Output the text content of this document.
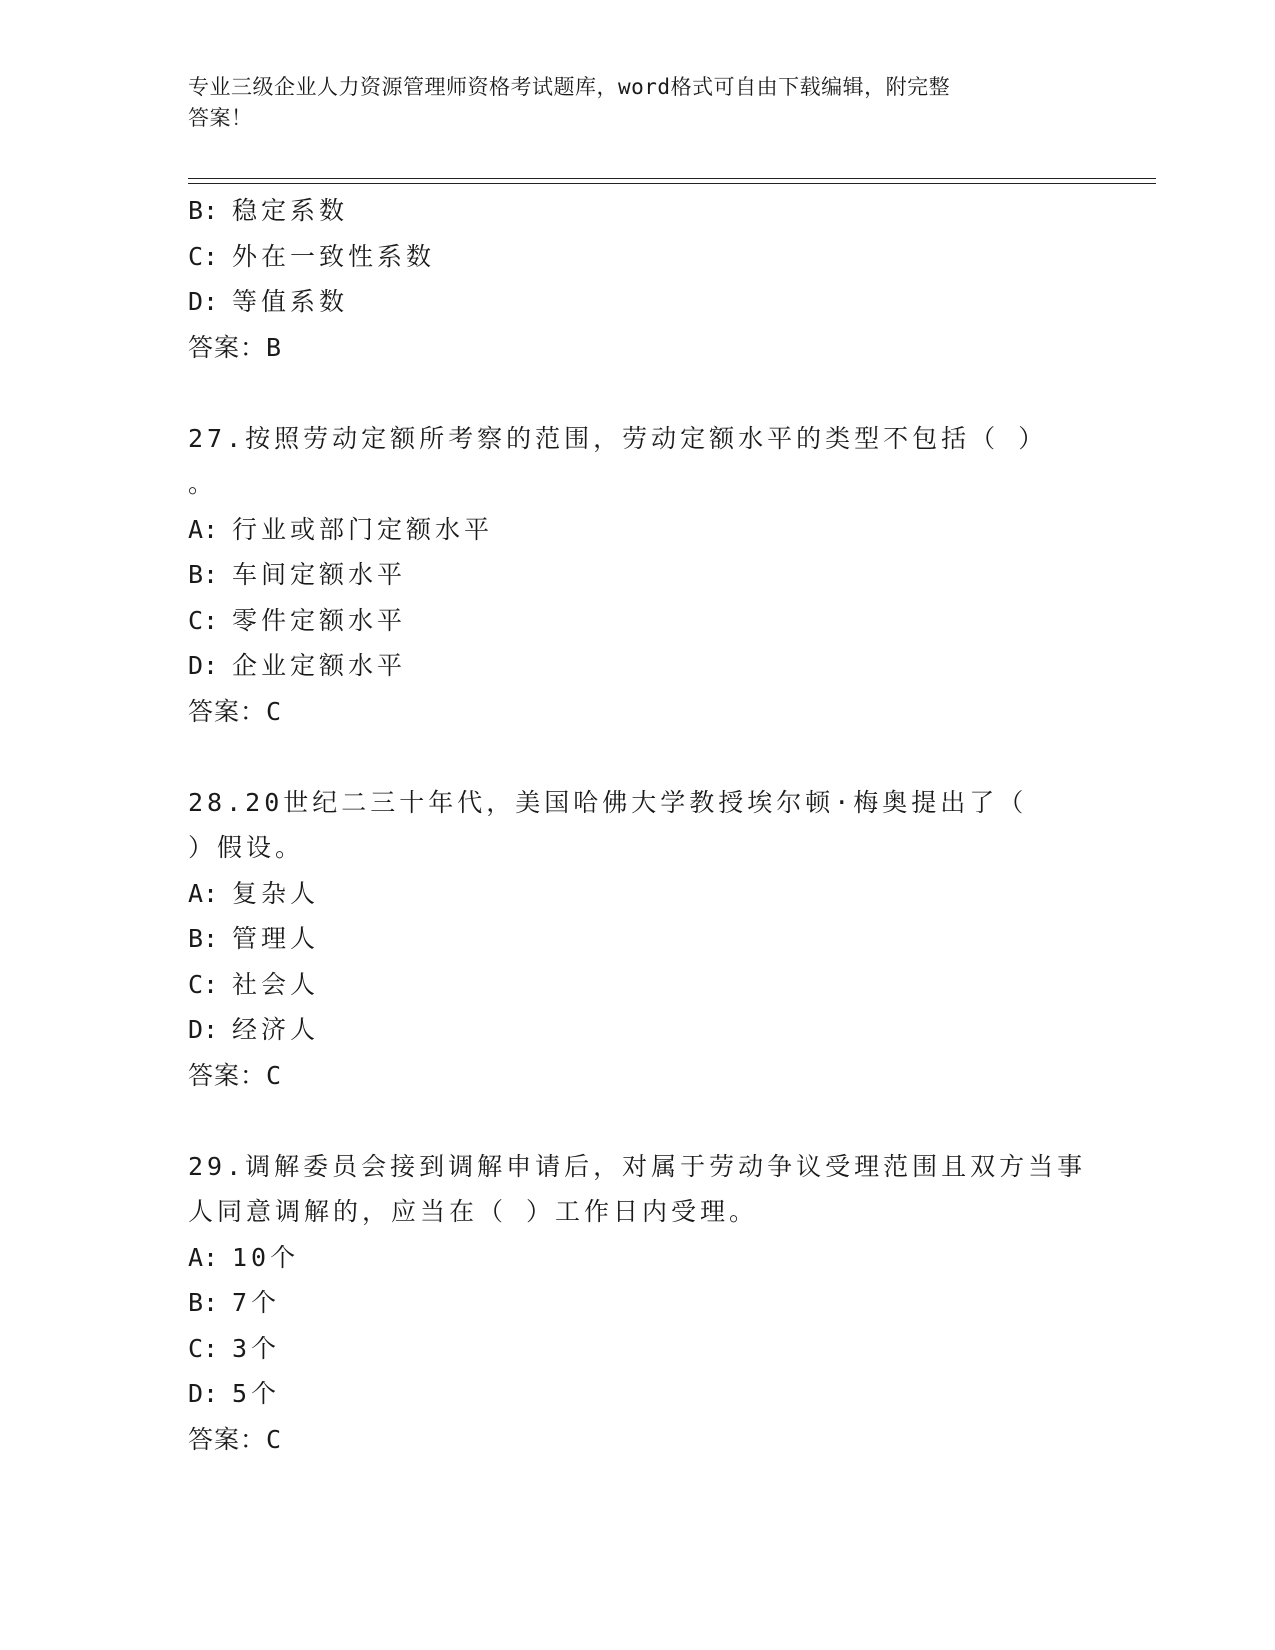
专业三级企业人力资源管理师资格考试题库，word格式可自由下载编辑，附完整
答案！
B: 稳定系数
C: 外在一致性系数
D: 等值系数
答案：B
27.按照劳动定额所考察的范围，劳动定额水平的类型不包括（ ）
。
A: 行业或部门定额水平
B: 车间定额水平
C: 零件定额水平
D: 企业定额水平
答案：C
28.20世纪二三十年代，美国哈佛大学教授埃尔顿·梅奥提出了（
）假设。
A: 复杂人
B: 管理人
C: 社会人
D: 经济人
答案：C
29.调解委员会接到调解申请后，对属于劳动争议受理范围且双方当事
人同意调解的，应当在（ ）工作日内受理。
A: 10个
B: 7个
C: 3个
D: 5个
答案：C
